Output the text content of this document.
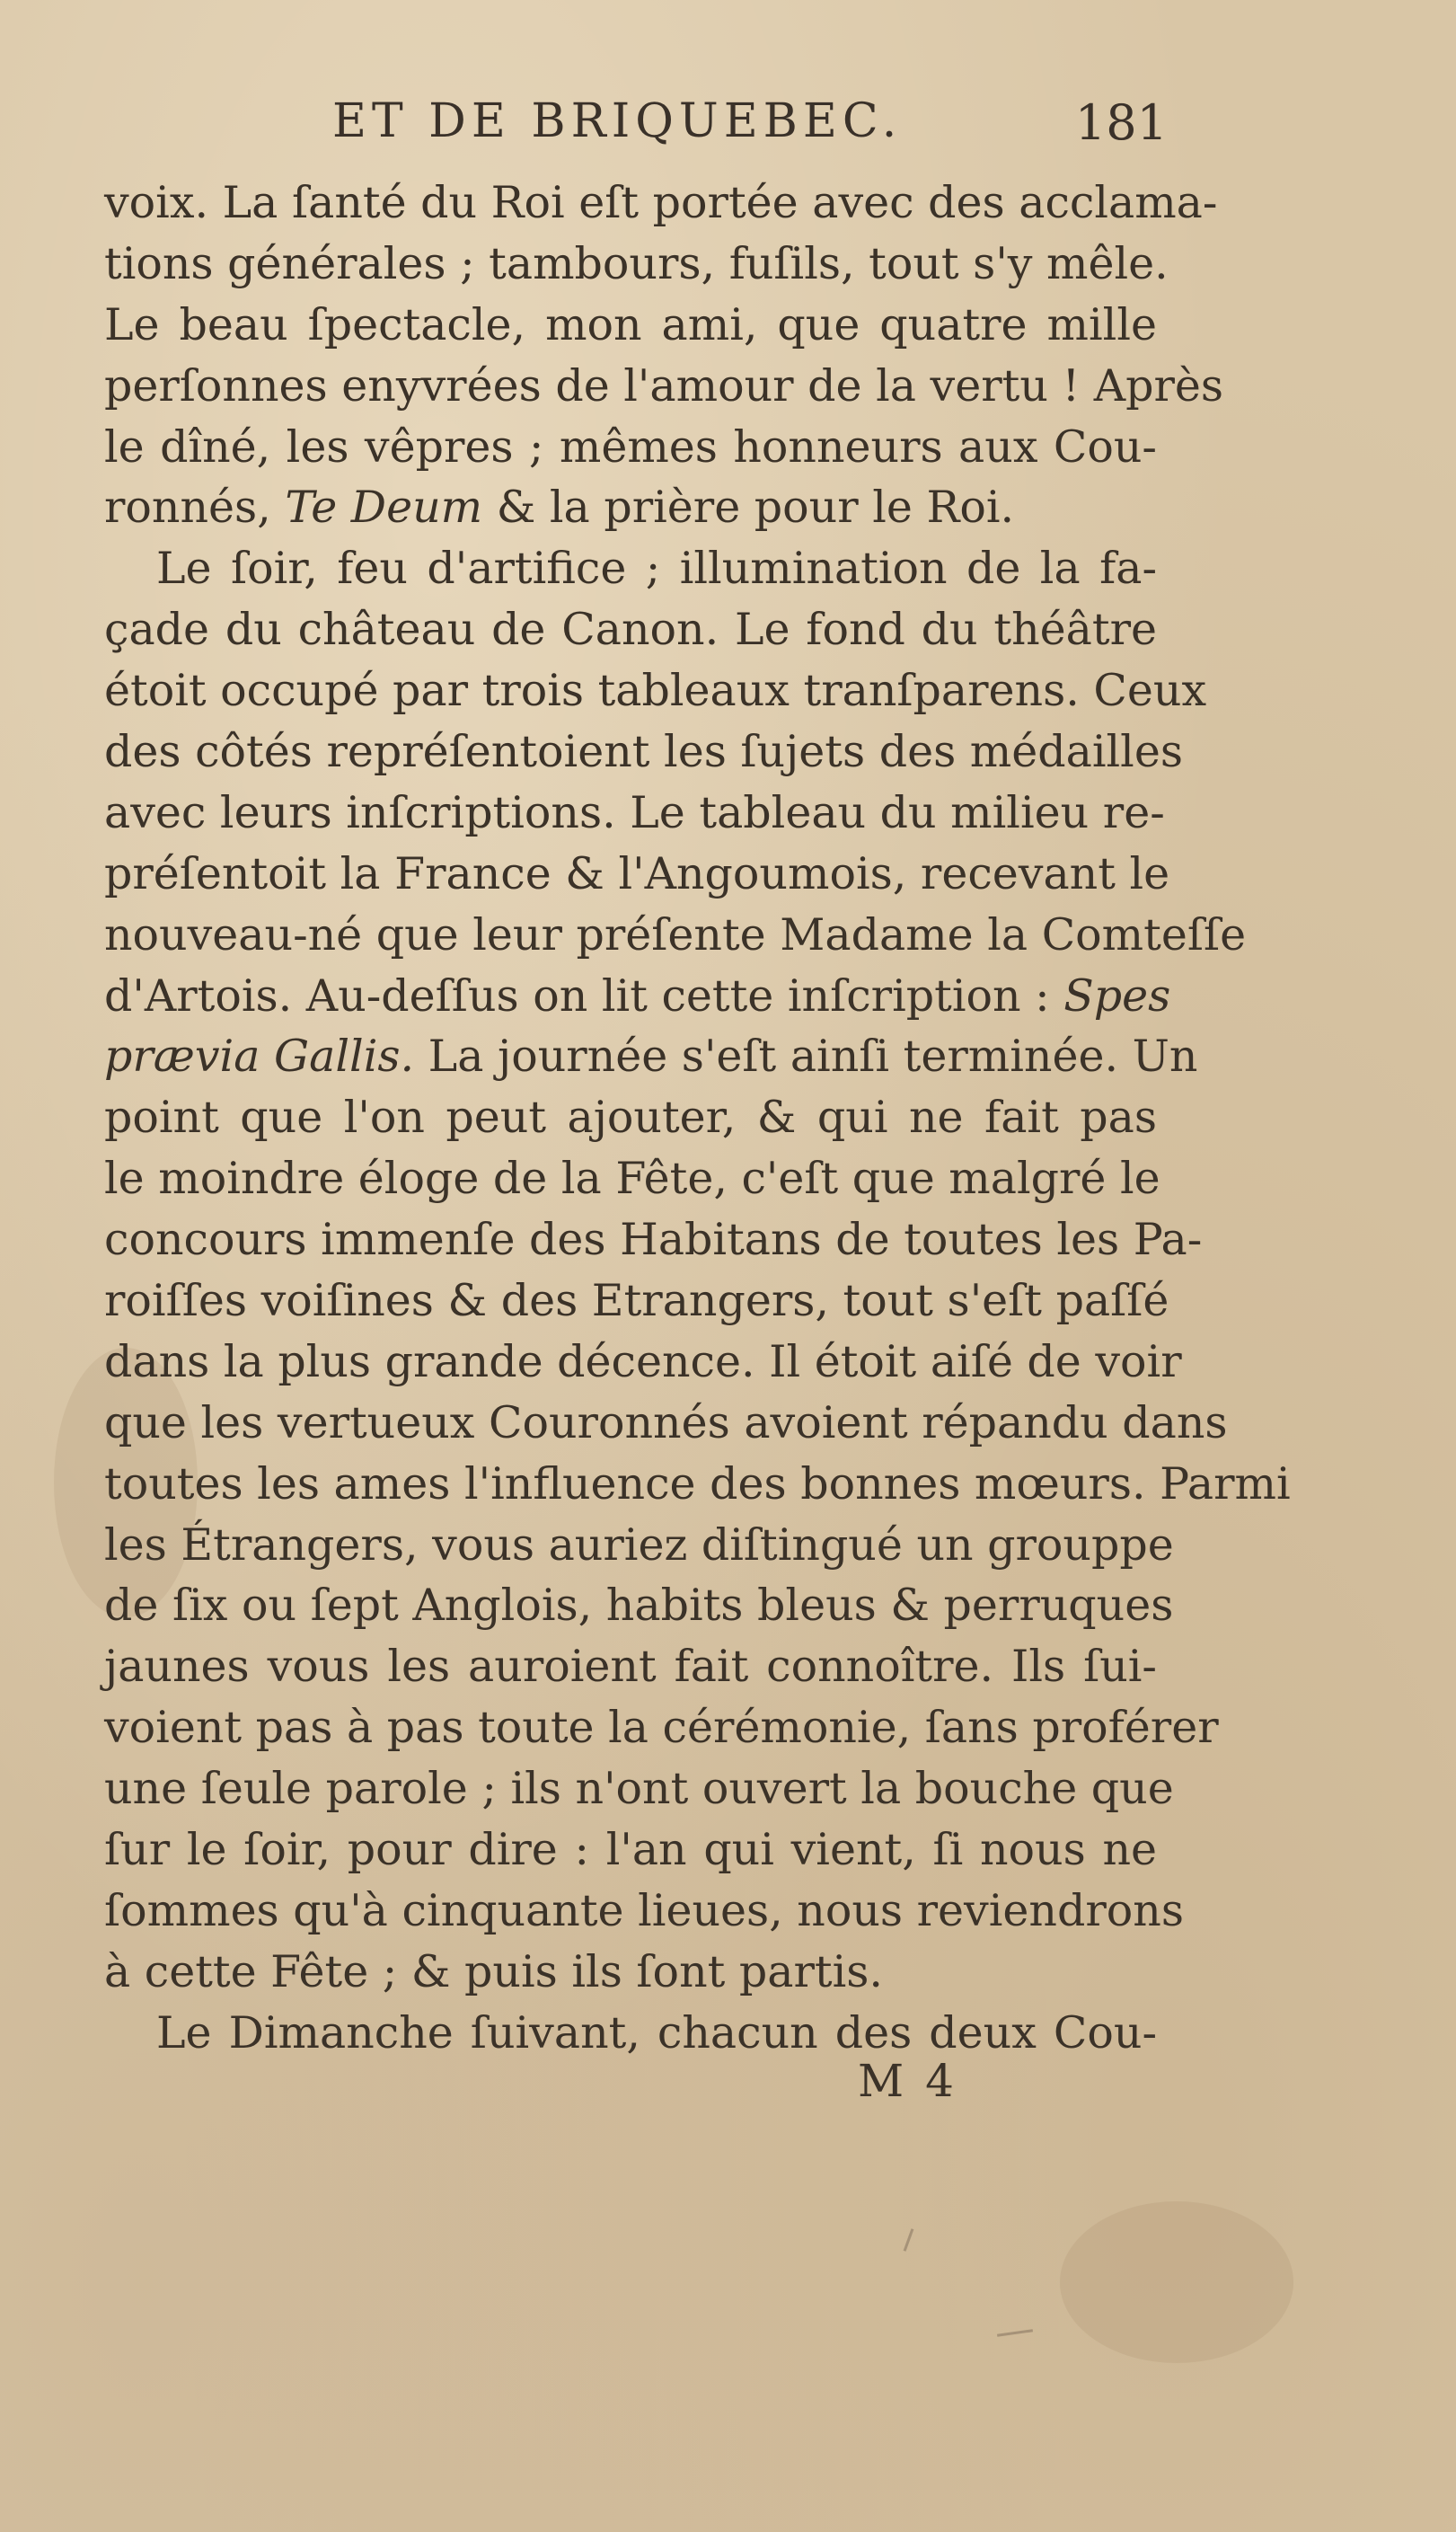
ET DE BRIQUEBEC.	181
voix. La ſanté du Roi eſt portée avec des acclama-
tions générales ; tambours, fuſils, tout s'y mêle.
Le beau ſpectacle, mon ami, que quatre mille
perſonnes enyvrées de l'amour de la vertu ! Après
le dîné, les vêpres ; mêmes honneurs aux Cou-
ronnés, Te Deum & la prière pour le Roi.
Le ſoir, feu d'artifice ; illumination de la fa-
çade du château de Canon. Le fond du théâtre
étoit occupé par trois tableaux tranſparens. Ceux
des côtés repréſentoient les ſujets des médailles
avec leurs inſcriptions. Le tableau du milieu re-
préſentoit la France & l'Angoumois, recevant le
nouveau-né que leur préſente Madame la Comteſſe
d'Artois. Au-deſſus on lit cette inſcription : Spes
prævia Gallis. La journée s'eſt ainſi terminée. Un
point que l'on peut ajouter, & qui ne fait pas
le moindre éloge de la Fête, c'eſt que malgré le
concours immenſe des Habitans de toutes les Pa-
roiſſes voiſines & des Etrangers, tout s'eſt paſſé
dans la plus grande décence. Il étoit aiſé de voir
que les vertueux Couronnés avoient répandu dans
toutes les ames l'influence des bonnes mœurs. Parmi
les Étrangers, vous auriez diſtingué un grouppe
de ſix ou ſept Anglois, habits bleus & perruques
jaunes vous les auroient fait connoître. Ils ſui-
voient pas à pas toute la cérémonie, ſans proférer
une ſeule parole ; ils n'ont ouvert la bouche que
ſur le ſoir, pour dire : l'an qui vient, ſi nous ne
ſommes qu'à cinquante lieues, nous reviendrons
à cette Fête ; & puis ils ſont partis.
Le Dimanche ſuivant, chacun des deux Cou-
M 4
